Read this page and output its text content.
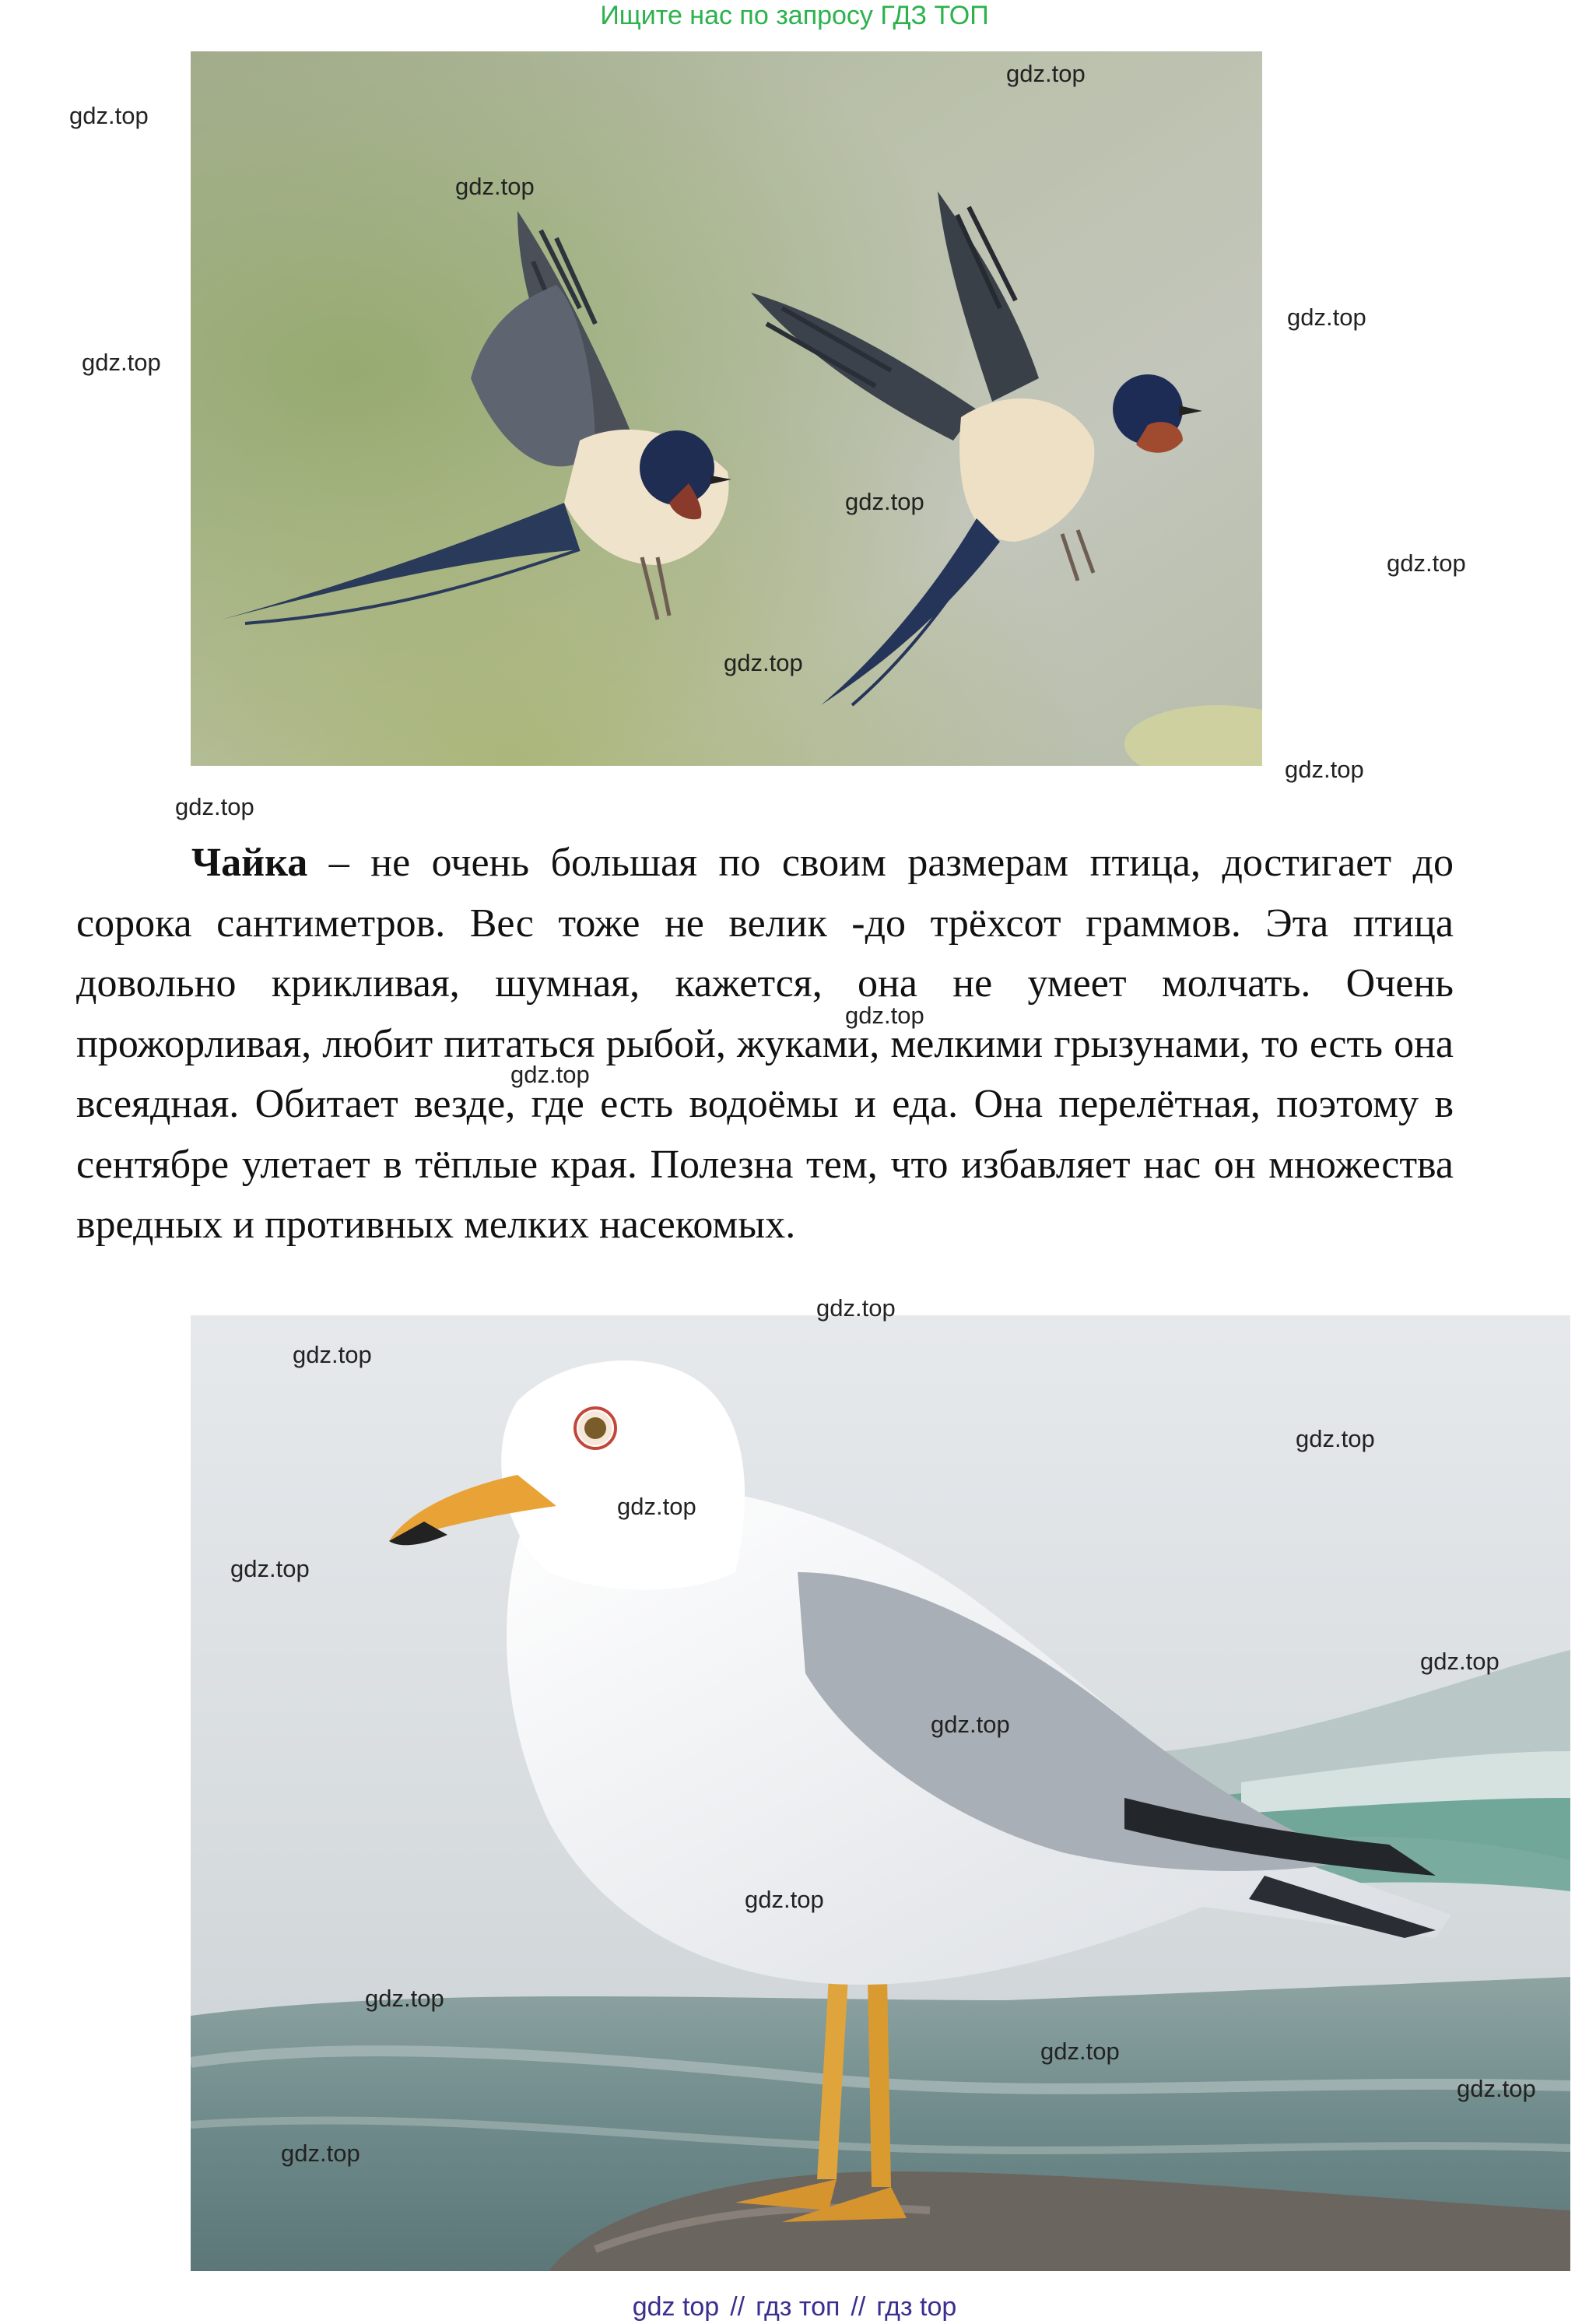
Ищите нас по запросу ГДЗ ТОП

Чайка – не очень большая по своим размерам птица, достигает до сорока сантиметров. Вес тоже не велик -до трёхсот граммов. Эта птица довольно крикливая, шумная, кажется, она не умеет молчать. Очень прожорливая, любит питаться рыбой, жуками, мелкими грызунами, то есть она всеядная. Обитает везде, где есть водоёмы и еда. Она перелётная, поэтому в сентябре улетает в тёплые края. Полезна тем, что избавляет нас он множества вредных и противных мелких насекомых.

gdz.top
gdz.top
gdz.top
gdz.top
gdz.top
gdz.top
gdz.top
gdz.top
gdz.top
gdz.top
gdz.top
gdz.top
gdz.top
gdz.top
gdz.top
gdz.top
gdz.top
gdz.top
gdz.top
gdz.top
gdz.top
gdz.top
gdz.top
gdz.top
gdz top // гдз топ // гдз top
